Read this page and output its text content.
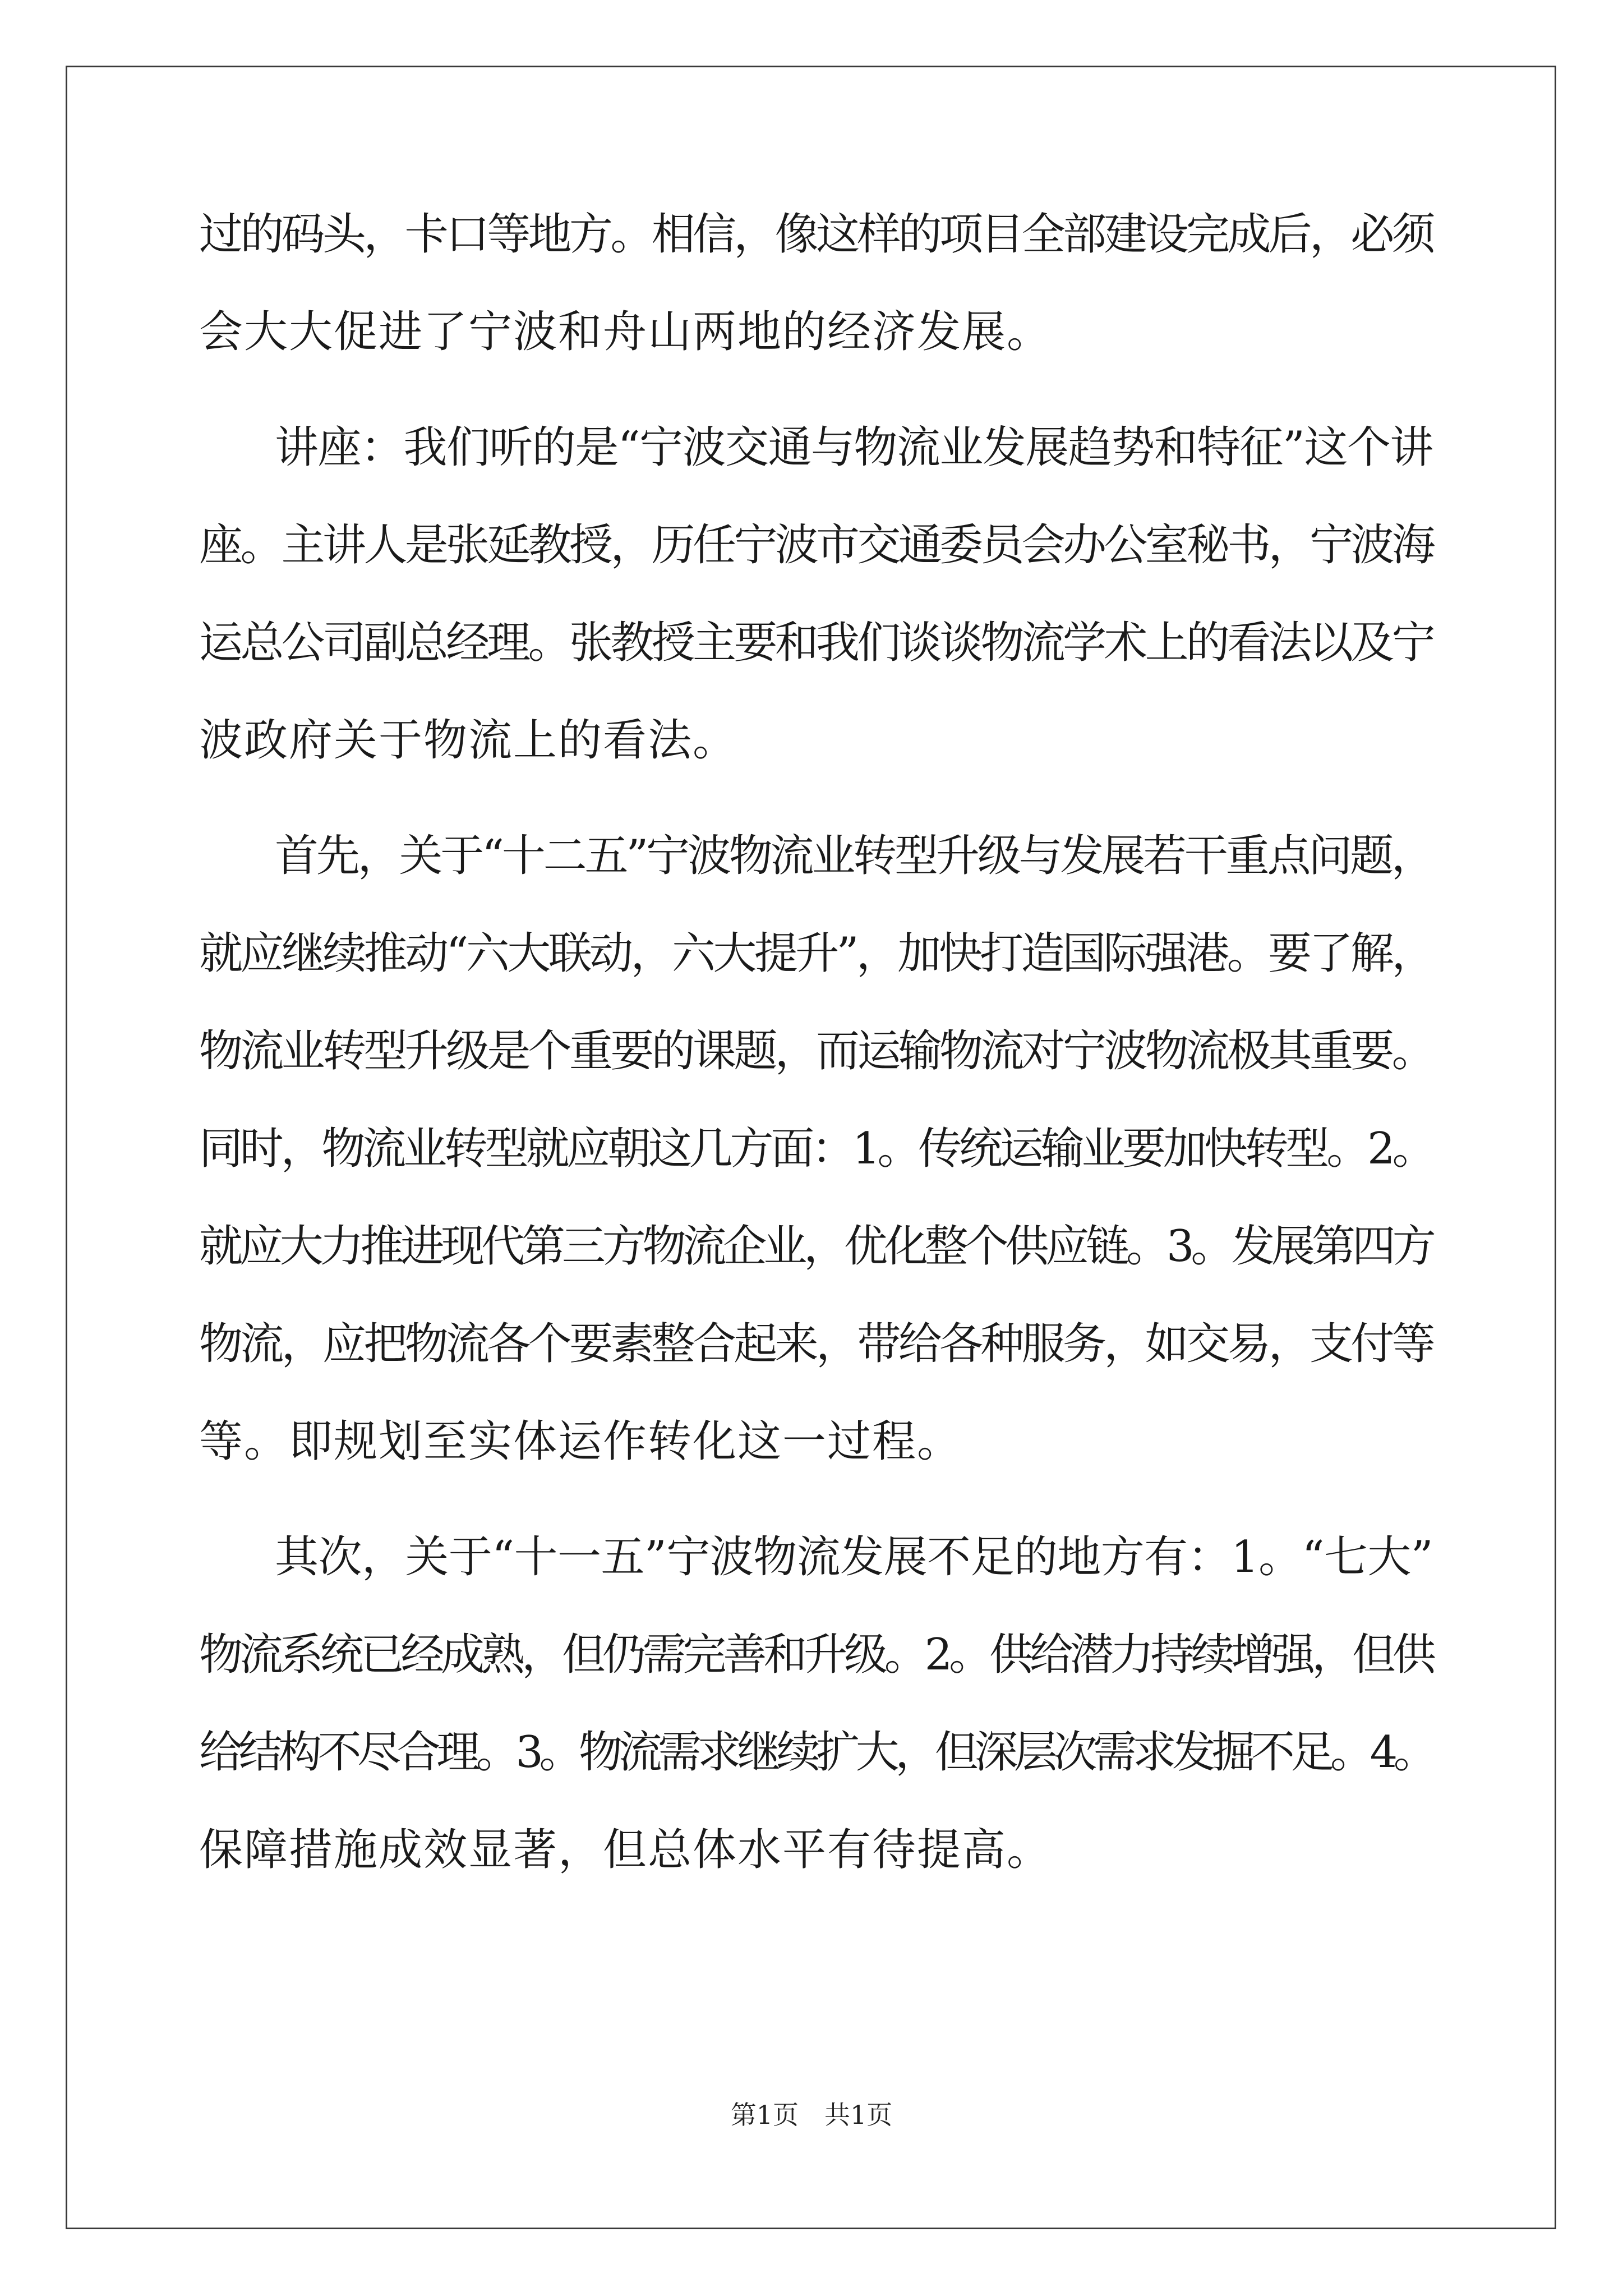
过的码头，卡口等地方。相信，像这样的项目全部建设完成后，必须
会大大促进了宁波和舟山两地的经济发展。
讲座：我们听的是“宁波交通与物流业发展趋势和特征”这个讲
座。主讲人是张延教授，历任宁波市交通委员会办公室秘书，宁波海
运总公司副总经理。张教授主要和我们谈谈物流学术上的看法以及宁
波政府关于物流上的看法。
首先，关于“十二五”宁波物流业转型升级与发展若干重点问题，
就应继续推动“六大联动，六大提升”，加快打造国际强港。要了解，
物流业转型升级是个重要的课题，而运输物流对宁波物流极其重要。
同时，物流业转型就应朝这几方面：1。传统运输业要加快转型。2。
就应大力推进现代第三方物流企业，优化整个供应链。3。发展第四方
物流，应把物流各个要素整合起来，带给各种服务，如交易，支付等
等。即规划至实体运作转化这一过程。
其次，关于“十一五”宁波物流发展不足的地方有：1。“七大”
物流系统已经成熟，但仍需完善和升级。2。供给潜力持续增强，但供
给结构不尽合理。3。物流需求继续扩大，但深层次需求发掘不足。4。
保障措施成效显著，但总体水平有待提高。
第1页　共1页
